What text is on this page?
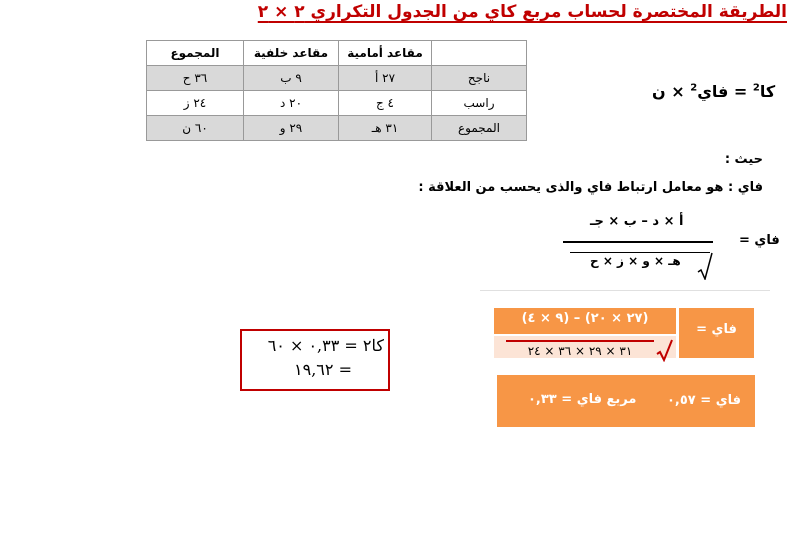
الطريقة المختصرة لحساب مربع كاي من الجدول التكراري ٢ × ٢
	مقاعد أمامية	مقاعد خلفية	المجموع
ناجح	٢٧ أ	٩ ب	٣٦ ح
راسب	٤ ج	٢٠ د	٢٤ ز
المجموع	٣١ هـ	٢٩ و	٦٠ ن
كا$^2$ = فاي$^2$ × ن
حيث :
فاي : هو معامل ارتباط فاي والذى يحسب من العلاقة :
فاي =
أ × د – ب × جـ
هـ × و × ز × ح
(٢٧ × ٢٠) – (٩ × ٤)
٣١ × ٢٩ × ٣٦ × ٢٤
فاي =
فاي = ٠,٥٧
مربع فاي = ٠,٣٣
كا٢ = ٠,٣٣ × ٦٠
= ١٩,٦٢
